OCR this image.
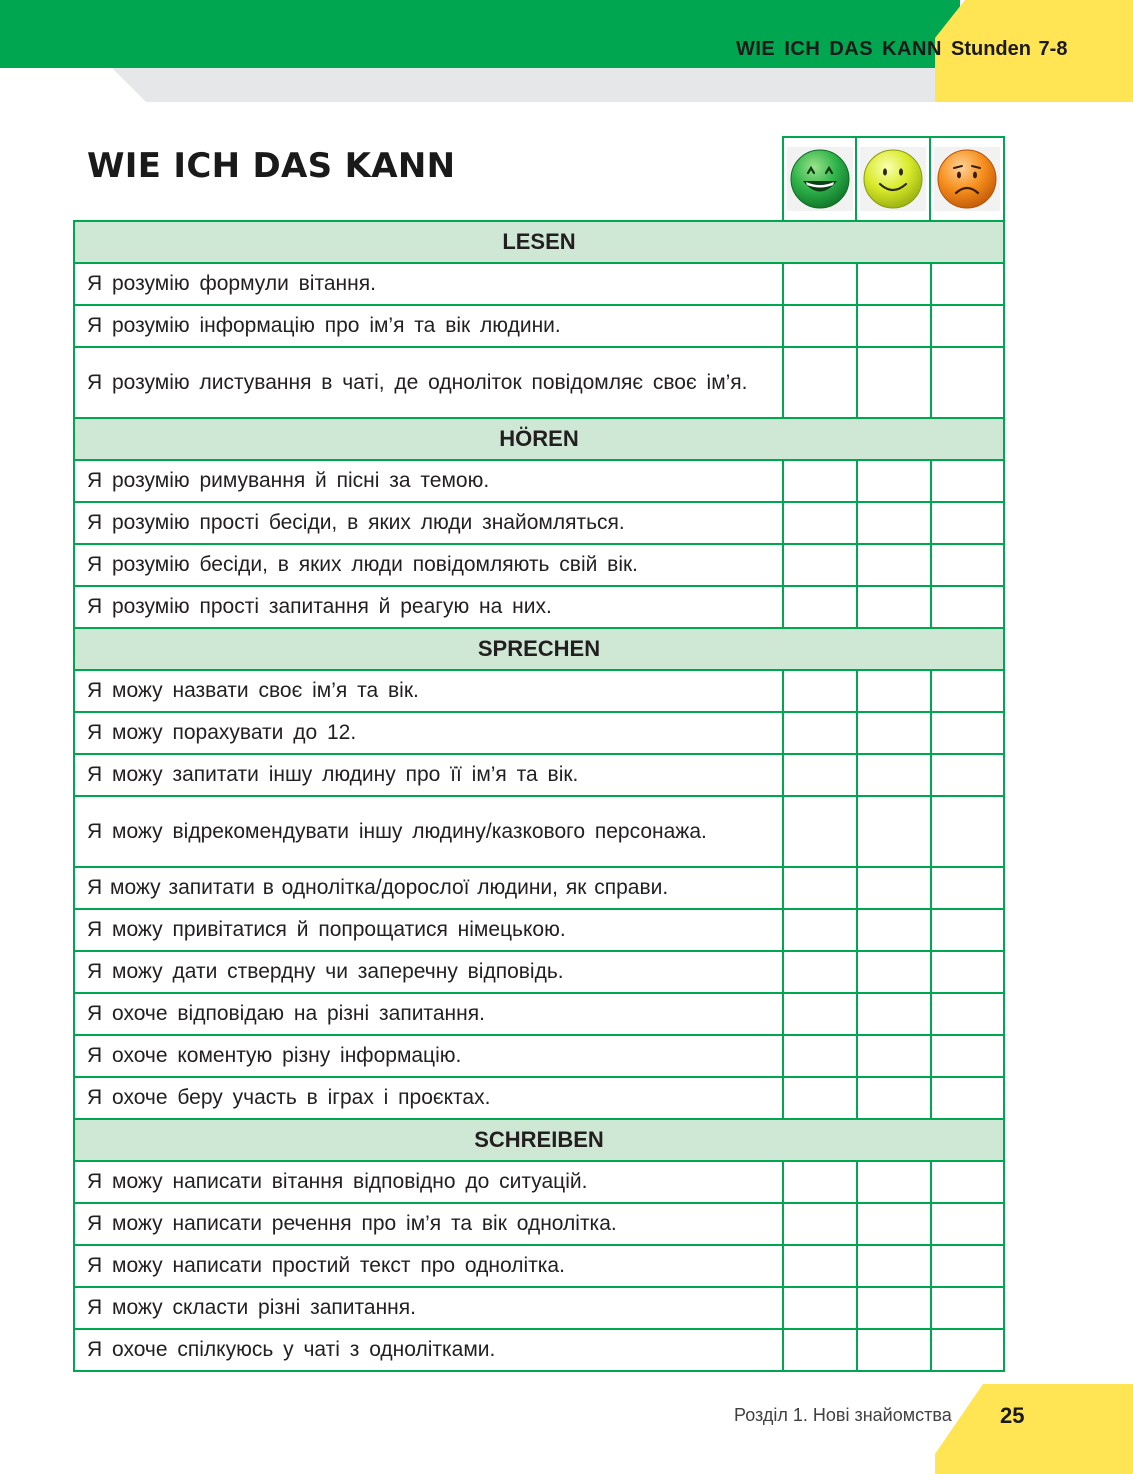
WIE ICH DAS KANN Stunden 7-8
WIE ICH DAS KANN
LESEN
Я розумію формули вітання.
Я розумію інформацію про ім’я та вік людини.
Я розумію листування в чаті, де одноліток повідомляє своє ім’я.
HÖREN
Я розумію римування й пісні за темою.
Я розумію прості бесіди, в яких люди знайомляться.
Я розумію бесіди, в яких люди повідомляють свій вік.
Я розумію прості запитання й реагую на них.
SPRECHEN
Я можу назвати своє ім’я та вік.
Я можу порахувати до 12.
Я можу запитати іншу людину про її ім’я та вік.
Я можу відрекомендувати іншу людину/казкового персонажа.
Я можу запитати в однолітка/дорослої людини, як справи.
Я можу привітатися й попрощатися німецькою.
Я можу дати ствердну чи заперечну відповідь.
Я охоче відповідаю на різні запитання.
Я охоче коментую різну інформацію.
Я охоче беру участь в іграх і проєктах.
SCHREIBEN
Я можу написати вітання відповідно до ситуацій.
Я можу написати речення про ім’я та вік однолітка.
Я можу написати простий текст про однолітка.
Я можу скласти різні запитання.
Я охоче спілкуюсь у чаті з однолітками.
Розділ 1. Нові знайомства 25
